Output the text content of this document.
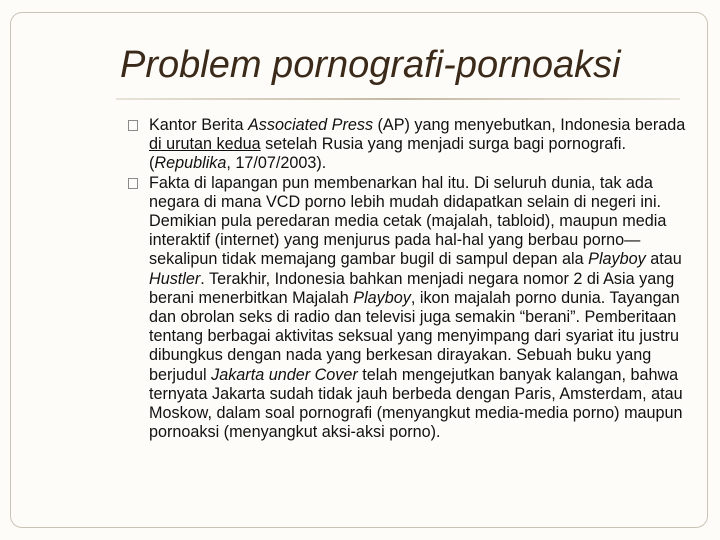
Problem pornografi-pornoaksi

Kantor Berita Associated Press (AP) yang menyebutkan, Indonesia berada di urutan kedua setelah Rusia yang menjadi surga bagi pornografi. (Republika, 17/07/2003).

Fakta di lapangan pun membenarkan hal itu. Di seluruh dunia, tak ada negara di mana VCD porno lebih mudah didapatkan selain di negeri ini. Demikian pula peredaran media cetak (majalah, tabloid), maupun media interaktif (internet) yang menjurus pada hal-hal yang berbau porno—sekalipun tidak memajang gambar bugil di sampul depan ala Playboy atau Hustler. Terakhir, Indonesia bahkan menjadi negara nomor 2 di Asia yang berani menerbitkan Majalah Playboy, ikon majalah porno dunia. Tayangan dan obrolan seks di radio dan televisi juga semakin “berani”. Pemberitaan tentang berbagai aktivitas seksual yang menyimpang dari syariat itu justru dibungkus dengan nada yang berkesan dirayakan. Sebuah buku yang berjudul Jakarta under Cover telah mengejutkan banyak kalangan, bahwa ternyata Jakarta sudah tidak jauh berbeda dengan Paris, Amsterdam, atau Moskow, dalam soal pornografi (menyangkut media-media porno) maupun pornoaksi (menyangkut aksi-aksi porno).
